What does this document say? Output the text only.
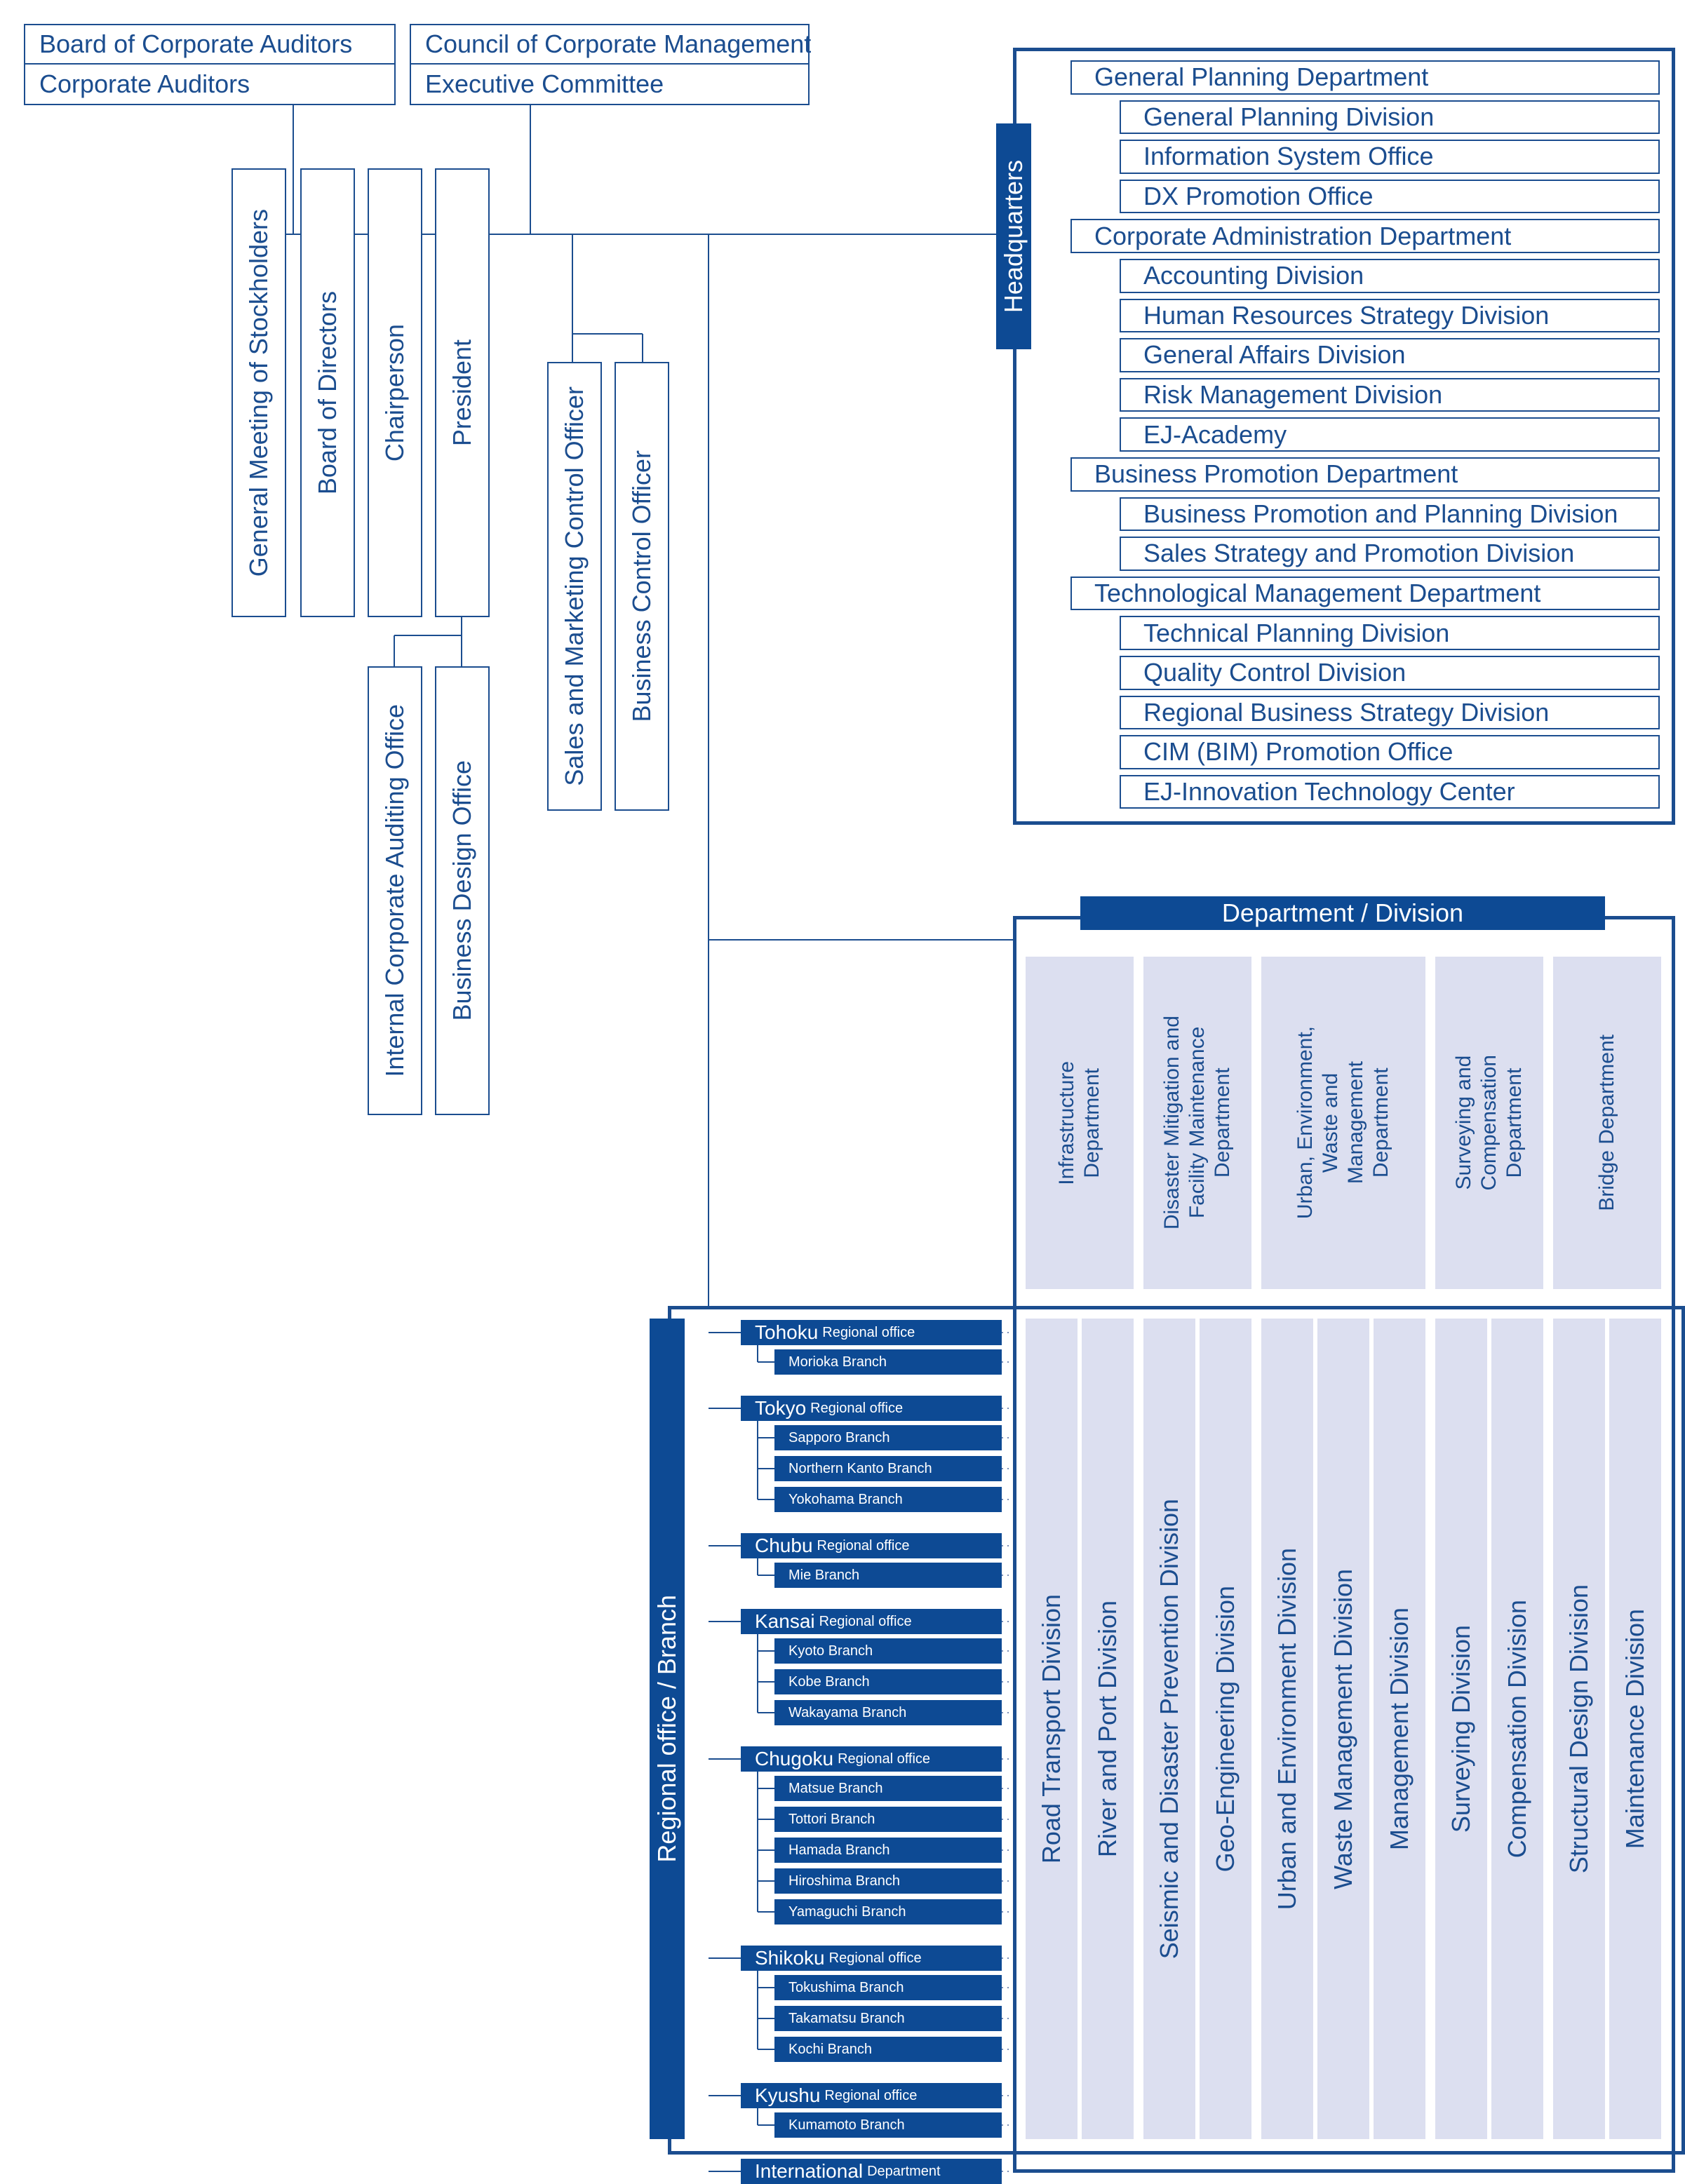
Board of Corporate Auditors
Corporate Auditors
Council of Corporate Management
Executive Committee
General Meeting of Stockholders Board of Directors Chairperson President
Internal Corporate Auditing Office Business Design Office
Sales and Marketing Control Officer Business Control Officer
Headquarters
General Planning Department
General Planning Division
Information System Office
DX Promotion Office
Corporate Administration Department
Accounting Division
Human Resources Strategy Division
General Affairs Division
Risk Management Division
EJ-Academy
Business Promotion Department
Business Promotion and Planning Division
Sales Strategy and Promotion Division
Technological Management Department
Technical Planning Division
Quality Control Division
Regional Business Strategy Division
CIM (BIM) Promotion Office
EJ-Innovation Technology Center
Department / Division
Infrastructure
Department
Road Transport Division River and Port Division
Disaster Mitigation and
Facility Maintenance
Department
Seismic and Disaster Prevention Division Geo-Engineering Division
Urban, Environment,
Waste and
Management
Department
Urban and Environment Division Waste Management Division Management Division
Surveying and
Compensation
Department
Surveying Division Compensation Division
Bridge Department
Structural Design Division Maintenance Division
Regional office / Branch
Tohoku Regional office
Morioka Branch
Tokyo Regional office
Sapporo Branch
Northern Kanto Branch
Yokohama Branch
Chubu Regional office
Mie Branch
Kansai Regional office
Kyoto Branch
Kobe Branch
Wakayama Branch
Chugoku Regional office
Matsue Branch
Tottori Branch
Hamada Branch
Hiroshima Branch
Yamaguchi Branch
Shikoku Regional office
Tokushima Branch
Takamatsu Branch
Kochi Branch
Kyushu Regional office
Kumamoto Branch
International Department
